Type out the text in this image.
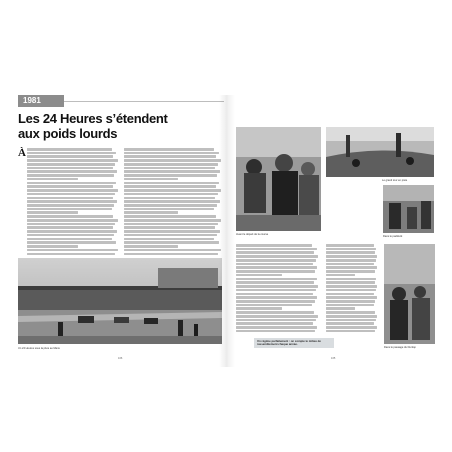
1981
Les 24 Heures s’étendent
aux poids lourds
À
Un 24 Heures sous la pluie au Mans
166
Avant le départ de la course
Le grand tour en piste
Dans le paddock
Dans le passage du Dunlop
165
Un régime parfaitement : on compte le milieu de rassemblement chaque année.
